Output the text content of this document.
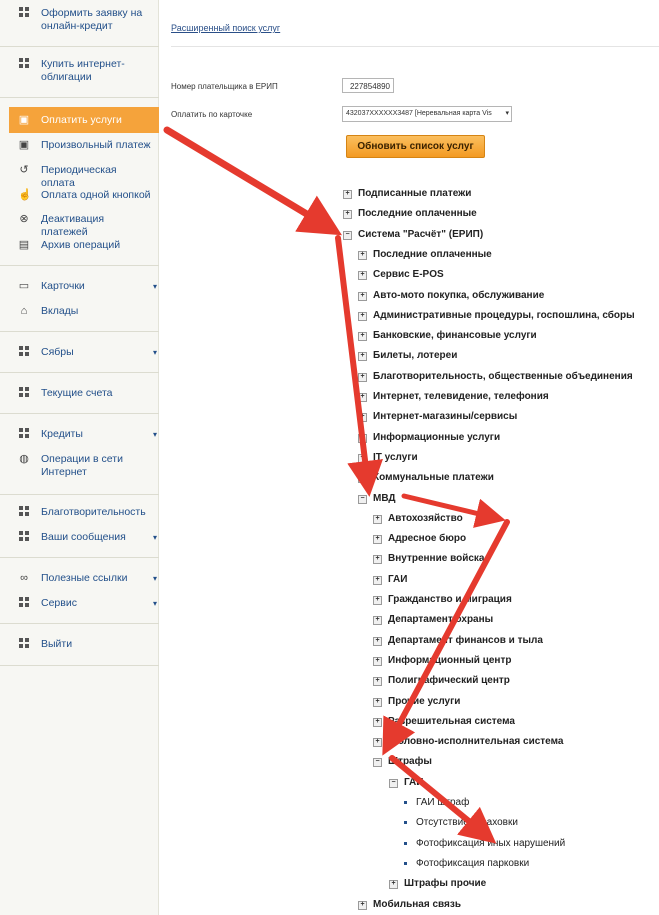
Оформить заявку на онлайн-кредит
Купить интернет-облигации
▣ Оплатить услуги
▣ Произвольный платеж
↺ Периодическая оплата
☝ Оплата одной кнопкой
⊗ Деактивация платежей
▤ Архив операций
▭ Карточки	▾
⌂ Вклады
Сябры	▾
Текущие счета
Кредиты	▾
◍ Операции в сети Интернет
Благотворительность
Ваши сообщения	▾
∞ Полезные ссылки	▾
Сервис	▾
Выйти
Расширенный поиск услуг
Номер плательщика в ЕРИП	227854890
Оплатить по карточке	432037XXXXXX3487 [Неревальная карта Vis ▾
Обновить список услуг
+ Подписанные платежи
+ Последние оплаченные
− Система "Расчёт" (ЕРИП)
+ Последние оплаченные
+ Сервис E-POS
+ Авто-мото покупка, обслуживание
+ Административные процедуры, госпошлина, сборы
+ Банковские, финансовые услуги
+ Билеты, лотереи
+ Благотворительность, общественные объединения
+ Интернет, телевидение, телефония
+ Интернет-магазины/сервисы
+ Информационные услуги
+ IT услуги
+ Коммунальные платежи
− МВД
+ Автохозяйство
+ Адресное бюро
+ Внутренние войска
+ ГАИ
+ Гражданство и миграция
+ Департамент охраны
+ Департамент финансов и тыла
+ Информационный центр
+ Полиграфический центр
+ Прочие услуги
+ Разрешительная система
+ Уголовно-исполнительная система
− Штрафы
− ГАИ
ГАИ штраф
Отсутствие страховки
Фотофиксация иных нарушений
Фотофиксация парковки
+ Штрафы прочие
+ Мобильная связь
